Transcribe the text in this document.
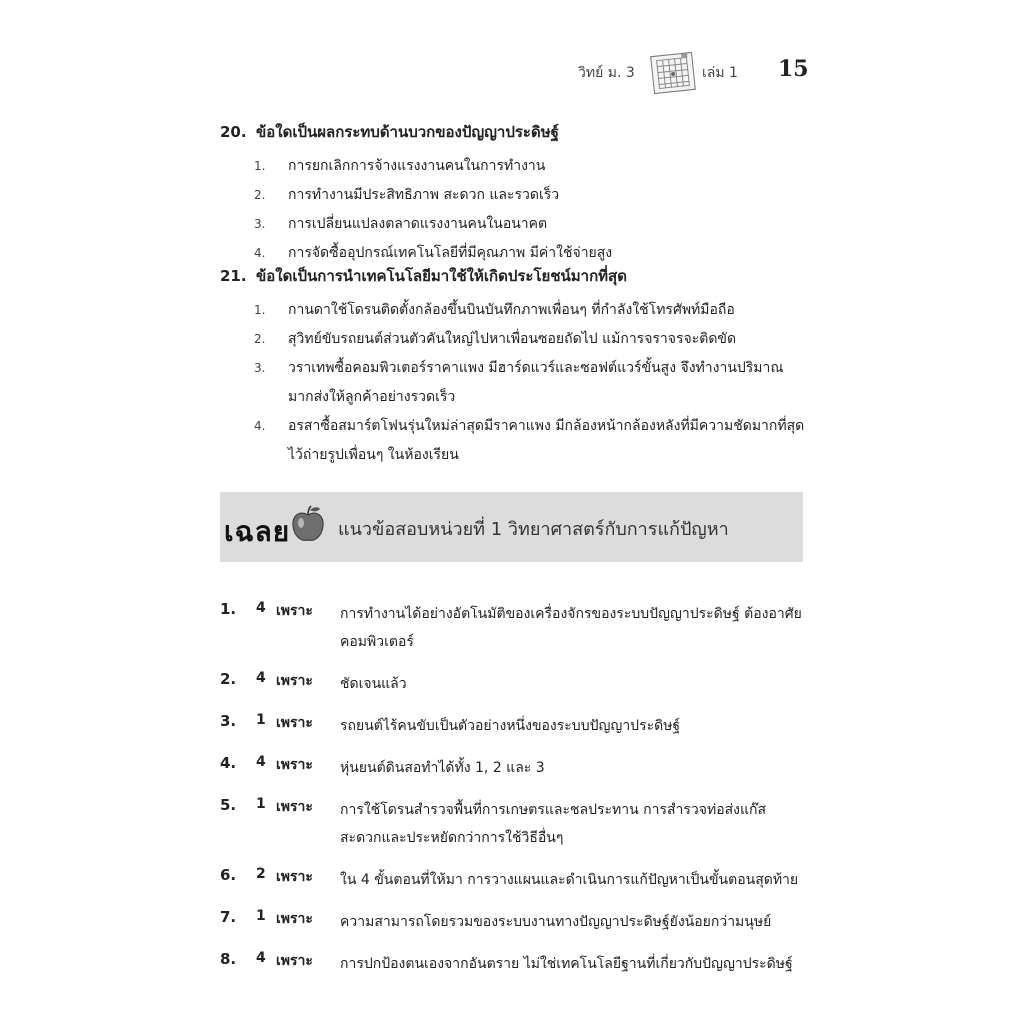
วิทย์ ม. 3	เล่ม 1 15
20. ข้อใดเป็นผลกระทบด้านบวกของปัญญาประดิษฐ์
1. การยกเลิกการจ้างแรงงานคนในการทำงาน
2. การทำงานมีประสิทธิภาพ สะดวก และรวดเร็ว
3. การเปลี่ยนแปลงตลาดแรงงานคนในอนาคต
4. การจัดซื้ออุปกรณ์เทคโนโลยีที่มีคุณภาพ มีค่าใช้จ่ายสูง
21. ข้อใดเป็นการนำเทคโนโลยีมาใช้ให้เกิดประโยชน์มากที่สุด
1. กานดาใช้โดรนติดตั้งกล้องขึ้นบินบันทึกภาพเพื่อนๆ ที่กำลังใช้โทรศัพท์มือถือ
2. สุวิทย์ขับรถยนต์ส่วนตัวคันใหญ่ไปหาเพื่อนซอยถัดไป แม้การจราจรจะติดขัด
3. วราเทพซื้อคอมพิวเตอร์ราคาแพง มีฮาร์ดแวร์และซอฟต์แวร์ขั้นสูง จึงทำงานปริมาณมากส่งให้ลูกค้าอย่างรวดเร็ว
4. อรสาซื้อสมาร์ตโฟนรุ่นใหม่ล่าสุดมีราคาแพง มีกล้องหน้ากล้องหลังที่มีความชัดมากที่สุด ไว้ถ่ายรูปเพื่อนๆ ในห้องเรียน
เฉลย	แนวข้อสอบหน่วยที่ 1 วิทยาศาสตร์กับการแก้ปัญหา
1. 4 เพราะ การทำงานได้อย่างอัตโนมัติของเครื่องจักรของระบบปัญญาประดิษฐ์ ต้องอาศัยคอมพิวเตอร์
2. 4 เพราะ ชัดเจนแล้ว
3. 1 เพราะ รถยนต์ไร้คนขับเป็นตัวอย่างหนึ่งของระบบปัญญาประดิษฐ์
4. 4 เพราะ หุ่นยนต์ดินสอทำได้ทั้ง 1, 2 และ 3
5. 1 เพราะ การใช้โดรนสำรวจพื้นที่การเกษตรและชลประทาน การสำรวจท่อส่งแก๊ส สะดวกและประหยัดกว่าการใช้วิธีอื่นๆ
6. 2 เพราะ ใน 4 ขั้นตอนที่ให้มา การวางแผนและดำเนินการแก้ปัญหาเป็นขั้นตอนสุดท้าย
7. 1 เพราะ ความสามารถโดยรวมของระบบงานทางปัญญาประดิษฐ์ยังน้อยกว่ามนุษย์
8. 4 เพราะ การปกป้องตนเองจากอันตราย ไม่ใช่เทคโนโลยีฐานที่เกี่ยวกับปัญญาประดิษฐ์
